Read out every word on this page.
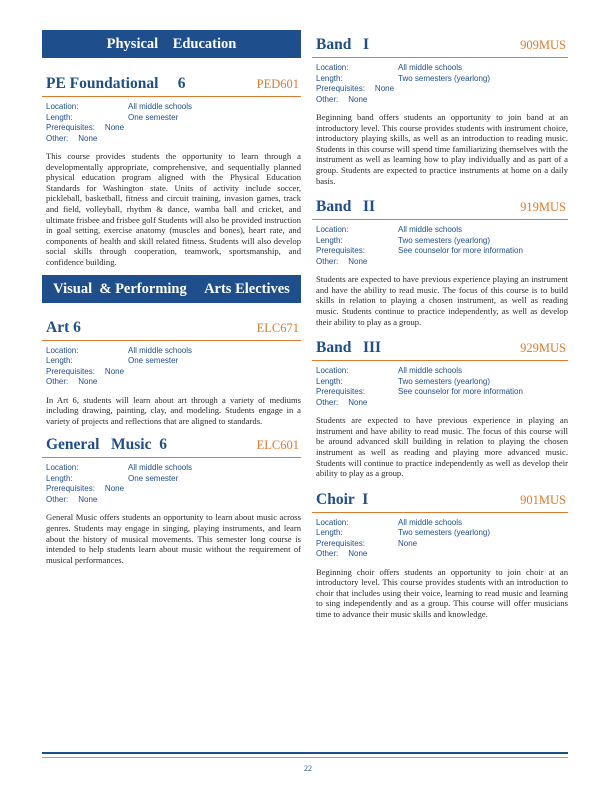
Physical    Education
PE Foundational     6	PED601
Location:	All middle schools
Length:	One semester
Prerequisites: None
Other: None
This course provides students the opportunity to learn through a developmentally appropriate, comprehensive, and sequentially planned physical education program aligned with the Physical Education Standards for Washington state. Units of activity include soccer, pickleball, basketball, fitness and circuit training, invasion games, track and field, volleyball, rhythm & dance, wamba ball and cricket, and ultimate frisbee and frisbee golf Students will also be provided instruction in goal setting, exercise anatomy (muscles and bones), heart rate, and components of health and skill related fitness. Students will also develop social skills through cooperation, teamwork, sportsmanship, and confidence building.
Visual  & Performing     Arts Electives
Art 6	ELC671
Location:	All middle schools
Length:	One semester
Prerequisites: None
Other: None
In Art 6, students will learn about art through a variety of mediums including drawing, painting, clay, and modeling. Students engage in a variety of projects and reflections that are aligned to standards.
General   Music  6	ELC601
Location:	All middle schools
Length:	One semester
Prerequisites: None
Other: None
General Music offers students an opportunity to learn about music across genres. Students may engage in singing, playing instruments, and learn about the history of musical movements. This semester long course is intended to help students learn about music without the requirement of musical performances.
Band   I	909MUS
Location:	All middle schools
Length:	Two semesters (yearlong)
Prerequisites: None
Other: None
Beginning band offers students an opportunity to join band at an introductory level. This course provides students with instrument choice, introductory playing skills, as well as an introduction to reading music. Students in this course will spend time familiarizing themselves with the instrument as well as learning how to play individually and as part of a group. Students are expected to practice instruments at home on a daily basis.
Band   II	919MUS
Location:	All middle schools
Length:	Two semesters (yearlong)
Prerequisites:	See counselor for more information
Other: None
Students are expected to have previous experience playing an instrument and have the ability to read music. The focus of this course is to build skills in relation to playing a chosen instrument, as well as reading music. Students continue to practice independently, as well as develop their ability to play as a group.
Band   III	929MUS
Location:	All middle schools
Length:	Two semesters (yearlong)
Prerequisites:	See counselor for more information
Other: None
Students are expected to have previous experience in playing an instrument and have ability to read music. The focus of this course will be around advanced skill building in relation to playing the chosen instrument as well as reading and playing more advanced music. Students will continue to practice independently as well as develop their ability to play as a group.
Choir  I	901MUS
Location:	All middle schools
Length:	Two semesters (yearlong)
Prerequisites:	None
Other: None
Beginning choir offers students an opportunity to join choir at an introductory level. This course provides students with an introduction to choir that includes using their voice, learning to read music and learning to sing independently and as a group. This course will offer musicians time to advance their music skills and knowledge.
22
